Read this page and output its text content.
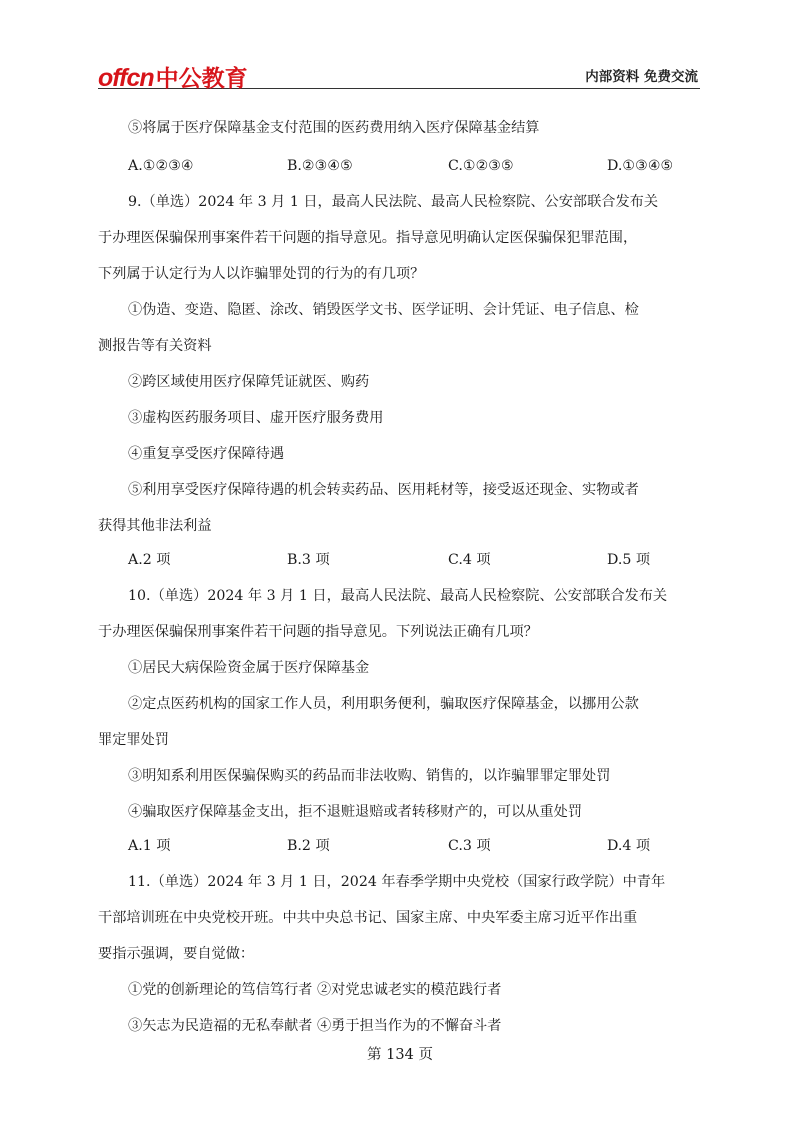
offcn中公教育	内部资料 免费交流
⑤将属于医疗保障基金支付范围的医药费用纳入医疗保障基金结算
A.①②③④	B.②③④⑤	C.①②③⑤	D.①③④⑤
9.（单选）2024 年 3 月 1 日，最高人民法院、最高人民检察院、公安部联合发布关
于办理医保骗保刑事案件若干问题的指导意见。指导意见明确认定医保骗保犯罪范围，
下列属于认定行为人以诈骗罪处罚的行为的有几项？
①伪造、变造、隐匿、涂改、销毁医学文书、医学证明、会计凭证、电子信息、检
测报告等有关资料
②跨区域使用医疗保障凭证就医、购药
③虚构医药服务项目、虚开医疗服务费用
④重复享受医疗保障待遇
⑤利用享受医疗保障待遇的机会转卖药品、医用耗材等，接受返还现金、实物或者
获得其他非法利益
A.2 项	B.3 项	C.4 项	D.5 项
10.（单选）2024 年 3 月 1 日，最高人民法院、最高人民检察院、公安部联合发布关
于办理医保骗保刑事案件若干问题的指导意见。下列说法正确有几项？
①居民大病保险资金属于医疗保障基金
②定点医药机构的国家工作人员，利用职务便利，骗取医疗保障基金，以挪用公款
罪定罪处罚
③明知系利用医保骗保购买的药品而非法收购、销售的，以诈骗罪罪定罪处罚
④骗取医疗保障基金支出，拒不退赃退赔或者转移财产的，可以从重处罚
A.1 项	B.2 项	C.3 项	D.4 项
11.（单选）2024 年 3 月 1 日，2024 年春季学期中央党校（国家行政学院）中青年
干部培训班在中央党校开班。中共中央总书记、国家主席、中央军委主席习近平作出重
要指示强调，要自觉做：
①党的创新理论的笃信笃行者 ②对党忠诚老实的模范践行者
③矢志为民造福的无私奉献者 ④勇于担当作为的不懈奋斗者
第 134 页
